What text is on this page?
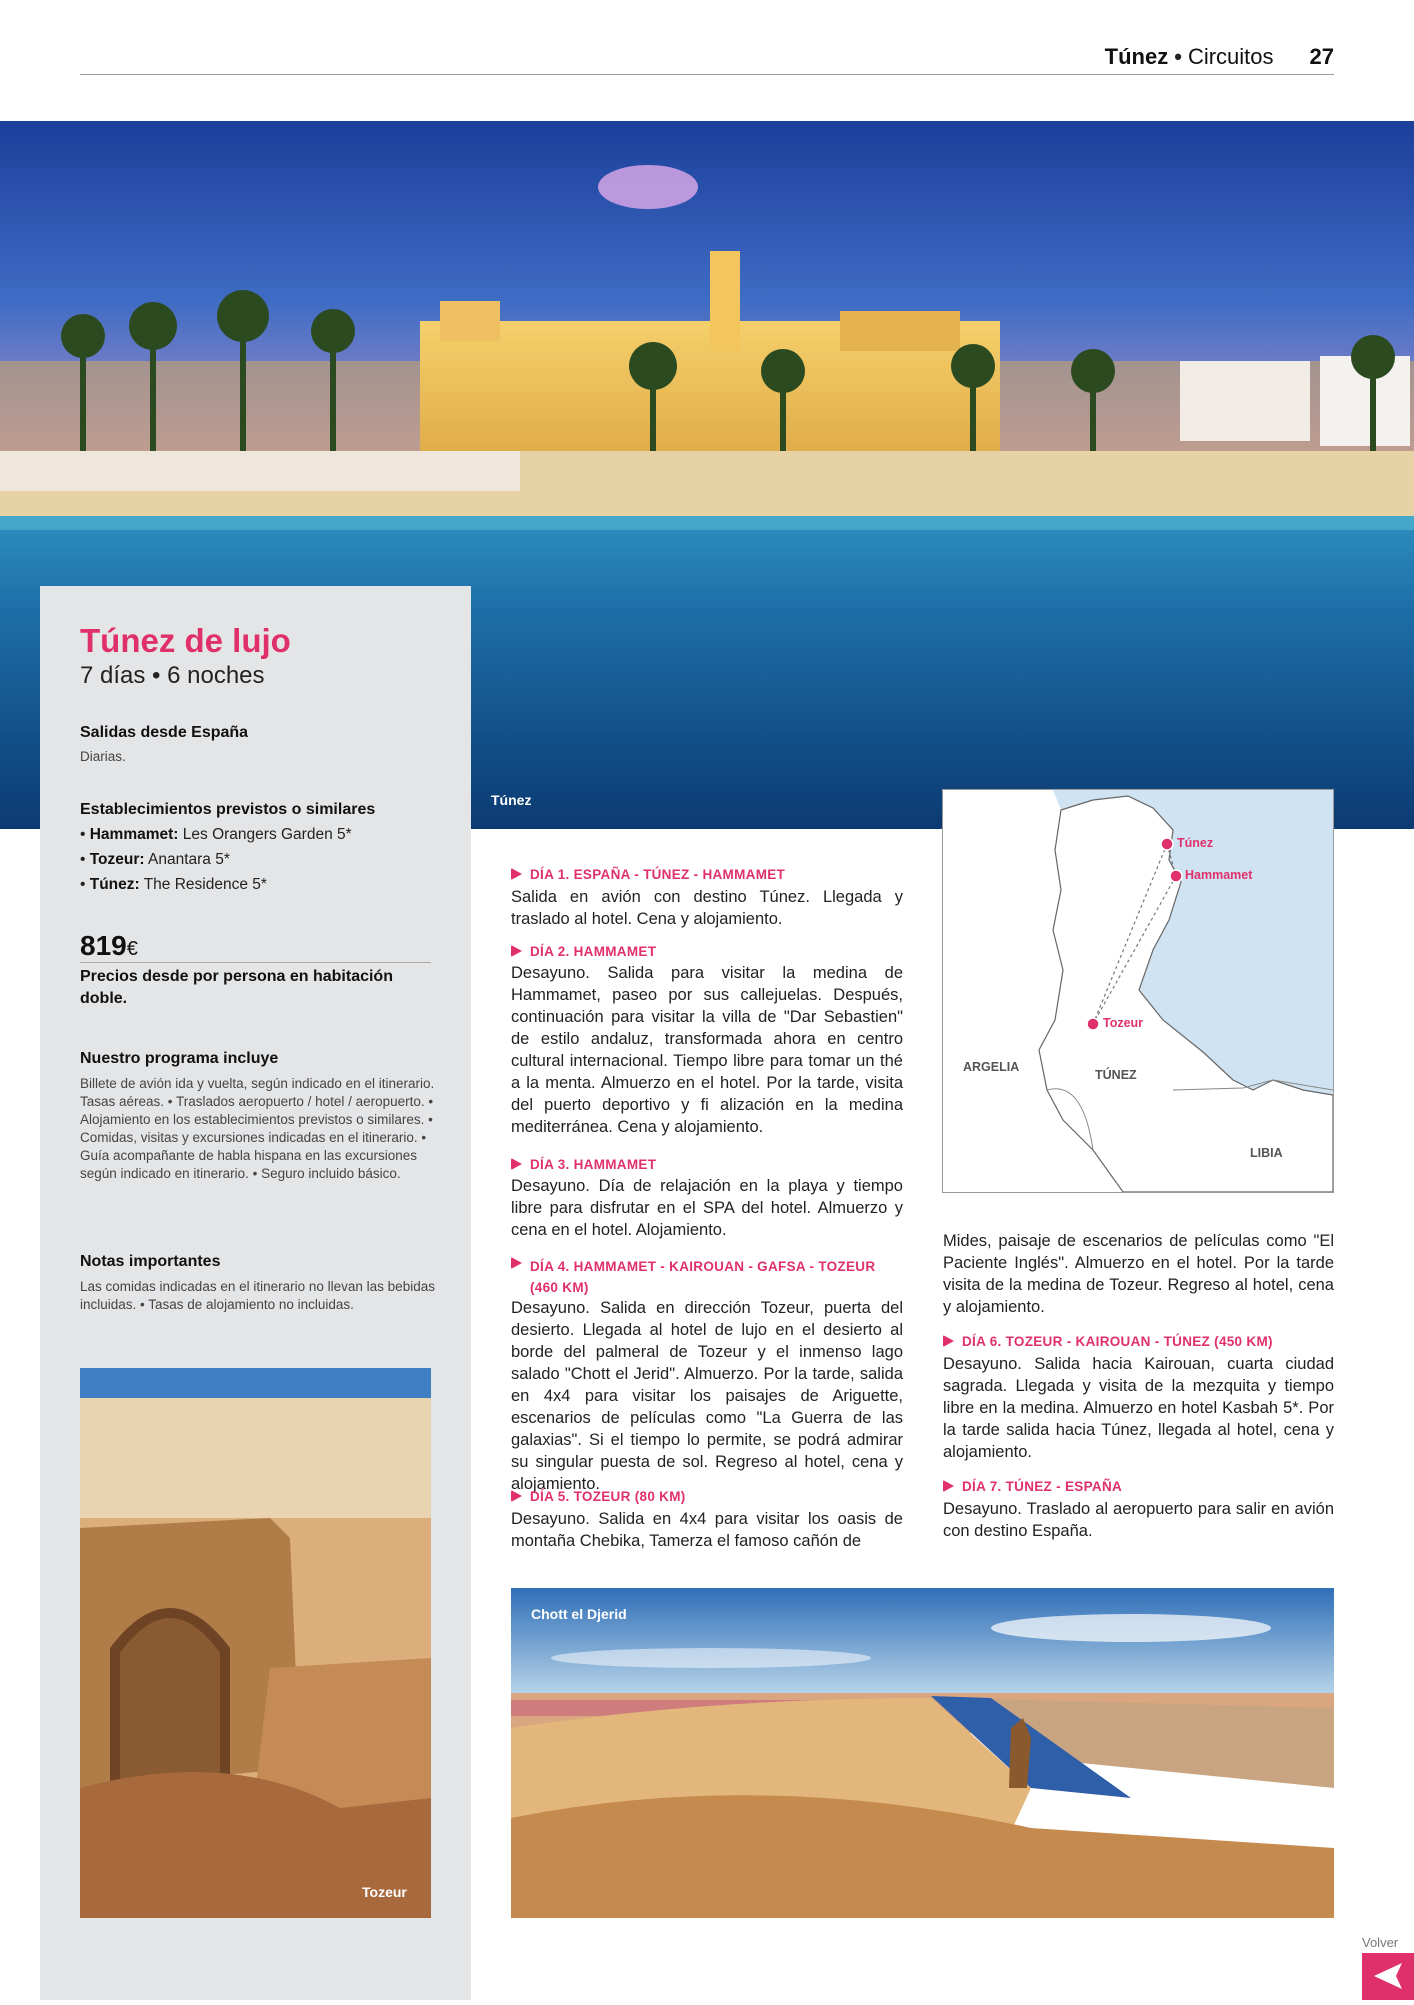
Túnez • Circuitos 27
Túnez
Túnez de lujo
7 días • 6 noches
Salidas desde España
Diarias.
Establecimientos previstos o similares
• Hammamet: Les Orangers Garden 5*
• Tozeur: Anantara 5*
• Túnez: The Residence 5*
819€
Precios desde por persona en habitación doble.
Nuestro programa incluye
Billete de avión ida y vuelta, según indicado en el itinerario. Tasas aéreas. • Traslados aeropuerto / hotel / aeropuerto. • Alojamiento en los establecimientos previstos o similares. • Comidas, visitas y excursiones indicadas en el itinerario. • Guía acompañante de habla hispana en las excursiones según indicado en itinerario. • Seguro incluido básico.
Notas importantes
Las comidas indicadas en el itinerario no llevan las bebidas incluidas. • Tasas de alojamiento no incluidas.
Tozeur
DÍA 1. ESPAÑA - TÚNEZ - HAMMAMET
Salida en avión con destino Túnez. Llegada y traslado al hotel. Cena y alojamiento.
DÍA 2. HAMMAMET
Desayuno. Salida para visitar la medina de Hammamet, paseo por sus callejuelas. Después, continuación para visitar la villa de "Dar Sebastien" de estilo andaluz, transformada ahora en centro cultural internacional. Tiempo libre para tomar un thé a la menta. Almuerzo en el hotel. Por la tarde, visita del puerto deportivo y fi alización en la medina mediterránea. Cena y alojamiento.
DÍA 3. HAMMAMET
Desayuno. Día de relajación en la playa y tiempo libre para disfrutar en el SPA del hotel. Almuerzo y cena en el hotel. Alojamiento.
DÍA 4. HAMMAMET - KAIROUAN - GAFSA - TOZEUR (460 KM)
Desayuno. Salida en dirección Tozeur, puerta del desierto. Llegada al hotel de lujo en el desierto al borde del palmeral de Tozeur y el inmenso lago salado "Chott el Jerid". Almuerzo. Por la tarde, salida en 4x4 para visitar los paisajes de Ariguette, escenarios de películas como "La Guerra de las galaxias". Si el tiempo lo permite, se podrá admirar su singular puesta de sol. Regreso al hotel, cena y alojamiento.
DÍA 5. TOZEUR (80 KM)
Desayuno. Salida en 4x4 para visitar los oasis de montaña Chebika, Tamerza el famoso cañón de
Túnez
Hammamet
Tozeur
ARGELIA
TÚNEZ
LIBIA
Mides, paisaje de escenarios de películas como "El Paciente Inglés". Almuerzo en el hotel. Por la tarde visita de la medina de Tozeur. Regreso al hotel, cena y alojamiento.
DÍA 6. TOZEUR - KAIROUAN - TÚNEZ (450 KM)
Desayuno. Salida hacia Kairouan, cuarta ciudad sagrada. Llegada y visita de la mezquita y tiempo libre en la medina. Almuerzo en hotel Kasbah 5*. Por la tarde salida hacia Túnez, llegada al hotel, cena y alojamiento.
DÍA 7. TÚNEZ - ESPAÑA
Desayuno. Traslado al aeropuerto para salir en avión con destino España.
Chott el Djerid
Volver
